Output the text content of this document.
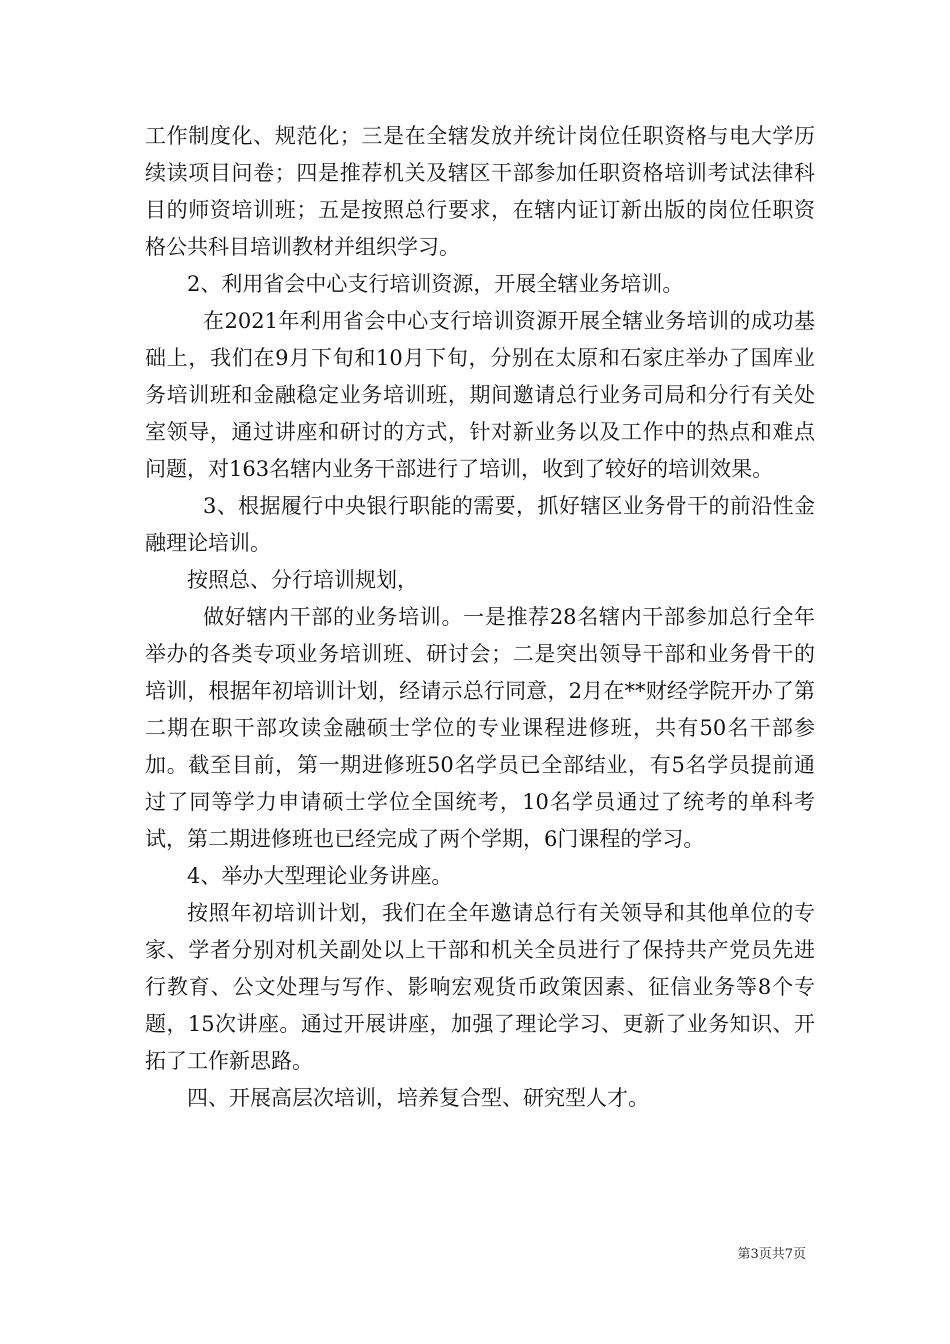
工作制度化、规范化；三是在全辖发放并统计岗位任职资格与电大学历续读项目问卷；四是推荐机关及辖区干部参加任职资格培训考试法律科目的师资培训班；五是按照总行要求，在辖内证订新出版的岗位任职资格公共科目培训教材并组织学习。

2、利用省会中心支行培训资源，开展全辖业务培训。

在2021年利用省会中心支行培训资源开展全辖业务培训的成功基础上，我们在9月下旬和10月下旬，分别在太原和石家庄举办了国库业务培训班和金融稳定业务培训班，期间邀请总行业务司局和分行有关处室领导，通过讲座和研讨的方式，针对新业务以及工作中的热点和难点问题，对163名辖内业务干部进行了培训，收到了较好的培训效果。

3、根据履行中央银行职能的需要，抓好辖区业务骨干的前沿性金融理论培训。

按照总、分行培训规划，

做好辖内干部的业务培训。一是推荐28名辖内干部参加总行全年举办的各类专项业务培训班、研讨会；二是突出领导干部和业务骨干的培训，根据年初培训计划，经请示总行同意，2月在**财经学院开办了第二期在职干部攻读金融硕士学位的专业课程进修班，共有50名干部参加。截至目前，第一期进修班50名学员已全部结业，有5名学员提前通过了同等学力申请硕士学位全国统考，10名学员通过了统考的单科考试，第二期进修班也已经完成了两个学期，6门课程的学习。

4、举办大型理论业务讲座。

按照年初培训计划，我们在全年邀请总行有关领导和其他单位的专家、学者分别对机关副处以上干部和机关全员进行了保持共产党员先进行教育、公文处理与写作、影响宏观货币政策因素、征信业务等8个专题，15次讲座。通过开展讲座，加强了理论学习、更新了业务知识、开拓了工作新思路。

四、开展高层次培训，培养复合型、研究型人才。

第3页共7页
